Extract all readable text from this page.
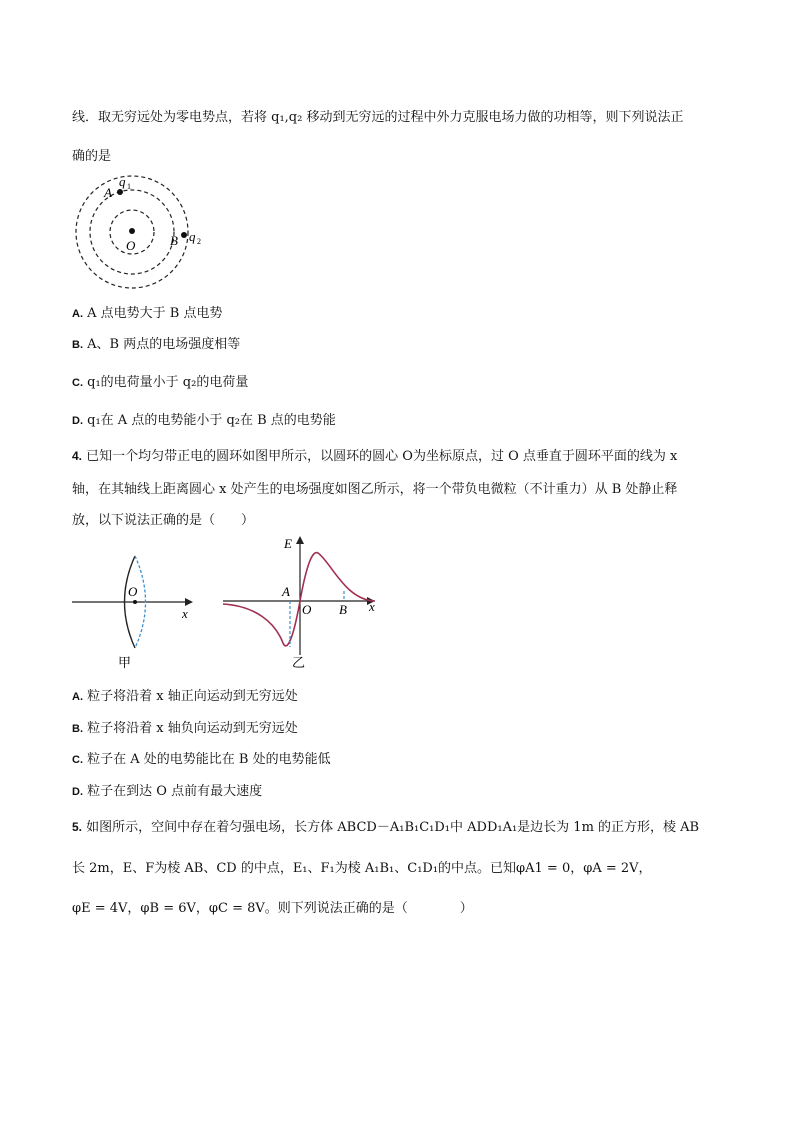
线．取无穷远处为零电势点，若将 q₁,q₂ 移动到无穷远的过程中外力克服电场力做的功相等，则下列说法正
确的是
A
q 1
O	B q 2
A. A 点电势大于 B 点电势
B. A、B 两点的电场强度相等
C. q₁的电荷量小于 q₂的电荷量
D. q₁在 A 点的电势能小于 q₂在 B 点的电势能
4. 已知一个均匀带正电的圆环如图甲所示，以圆环的圆心 O为坐标原点，过 O 点垂直于圆环平面的线为 x
轴，在其轴线上距离圆心 x 处产生的电场强度如图乙所示，将一个带负电微粒（不计重力）从 B 处静止释
放，以下说法正确的是（　　）
O
x
甲
E
A
O B x
乙
A. 粒子将沿着 x 轴正向运动到无穷远处
B. 粒子将沿着 x 轴负向运动到无穷远处
C. 粒子在 A 处的电势能比在 B 处的电势能低
D. 粒子在到达 O 点前有最大速度
5. 如图所示，空间中存在着匀强电场，长方体 ABCD－A₁B₁C₁D₁中 ADD₁A₁是边长为 1m 的正方形，棱 AB
长 2m，E、F为棱 AB、CD 的中点，E₁、F₁为棱 A₁B₁、C₁D₁的中点。已知φA1 = 0，φA = 2V，
φE = 4V，φB = 6V，φC = 8V。则下列说法正确的是（　　　　）
